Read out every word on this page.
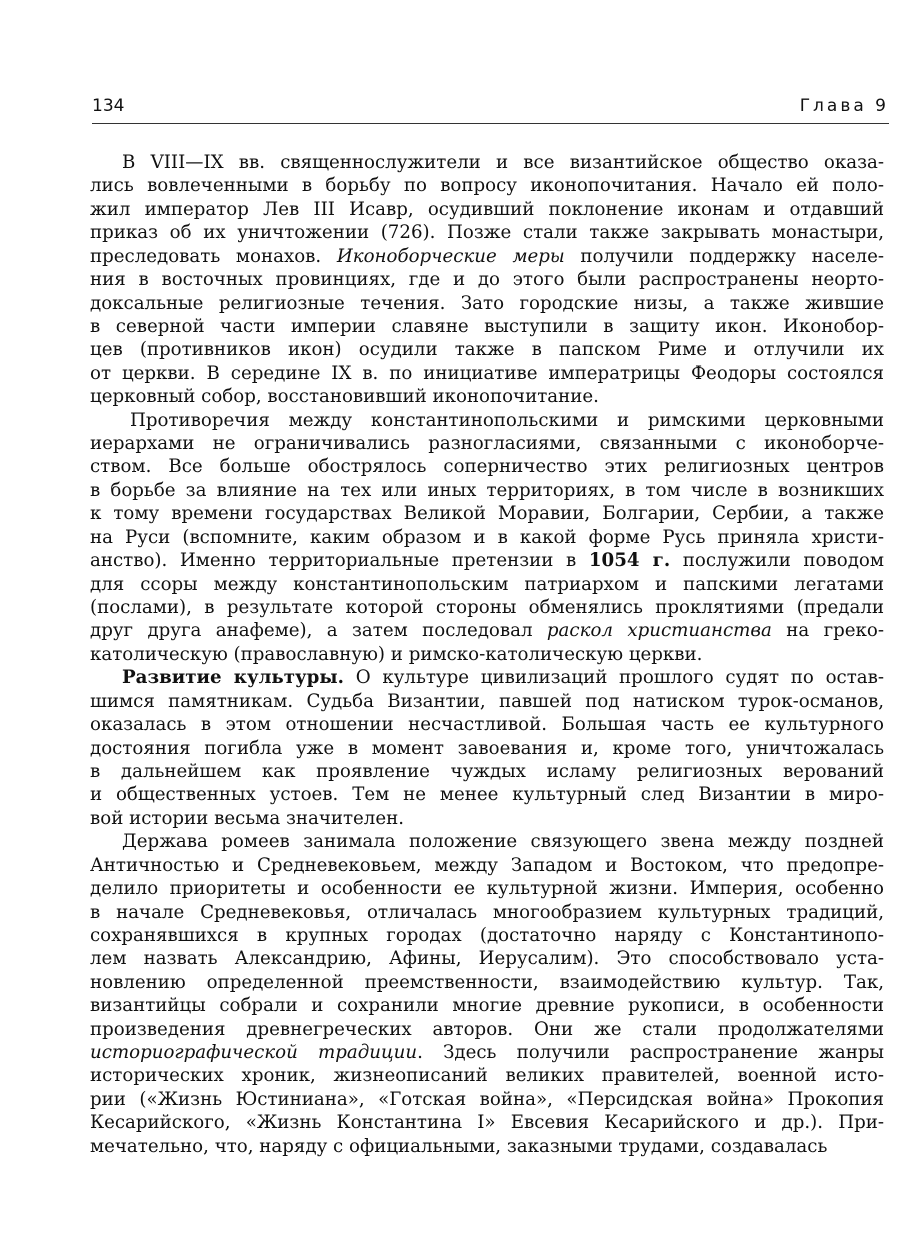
134	Глава 9
В VIII—IX вв. священнослужители и все византийское общество оказа-
лись вовлеченными в борьбу по вопросу иконопочитания. Начало ей поло-
жил император Лев III Исавр, осудивший поклонение иконам и отдавший
приказ об их уничтожении (726). Позже стали также закрывать монастыри,
преследовать монахов. Иконоборческие меры получили поддержку населе-
ния в восточных провинциях, где и до этого были распространены неорто-
доксальные религиозные течения. Зато городские низы, а также жившие
в северной части империи славяне выступили в защиту икон. Иконобор-
цев (противников икон) осудили также в папском Риме и отлучили их
от церкви. В середине IX в. по инициативе императрицы Феодоры состоялся
церковный собор, восстановивший иконопочитание.
Противоречия между константинопольскими и римскими церковными
иерархами не ограничивались разногласиями, связанными с иконоборче-
ством. Все больше обострялось соперничество этих религиозных центров
в борьбе за влияние на тех или иных территориях, в том числе в возникших
к тому времени государствах Великой Моравии, Болгарии, Сербии, а также
на Руси (вспомните, каким образом и в какой форме Русь приняла христи-
анство). Именно территориальные претензии в 1054 г. послужили поводом
для ссоры между константинопольским патриархом и папскими легатами
(послами), в результате которой стороны обменялись проклятиями (предали
друг друга анафеме), а затем последовал раскол христианства на греко-
католическую (православную) и римско-католическую церкви.
Развитие культуры. О культуре цивилизаций прошлого судят по остав-
шимся памятникам. Судьба Византии, павшей под натиском турок-османов,
оказалась в этом отношении несчастливой. Большая часть ее культурного
достояния погибла уже в момент завоевания и, кроме того, уничтожалась
в дальнейшем как проявление чуждых исламу религиозных верований
и общественных устоев. Тем не менее культурный след Византии в миро-
вой истории весьма значителен.
Держава ромеев занимала положение связующего звена между поздней
Античностью и Средневековьем, между Западом и Востоком, что предопре-
делило приоритеты и особенности ее культурной жизни. Империя, особенно
в начале Средневековья, отличалась многообразием культурных традиций,
сохранявшихся в крупных городах (достаточно наряду с Константинопо-
лем назвать Александрию, Афины, Иерусалим). Это способствовало уста-
новлению определенной преемственности, взаимодействию культур. Так,
византийцы собрали и сохранили многие древние рукописи, в особенности
произведения древнегреческих авторов. Они же стали продолжателями
историографической традиции. Здесь получили распространение жанры
исторических хроник, жизнеописаний великих правителей, военной исто-
рии («Жизнь Юстиниана», «Готская война», «Персидская война» Прокопия
Кесарийского, «Жизнь Константина I» Евсевия Кесарийского и др.). При-
мечательно, что, наряду с официальными, заказными трудами, создавалась
